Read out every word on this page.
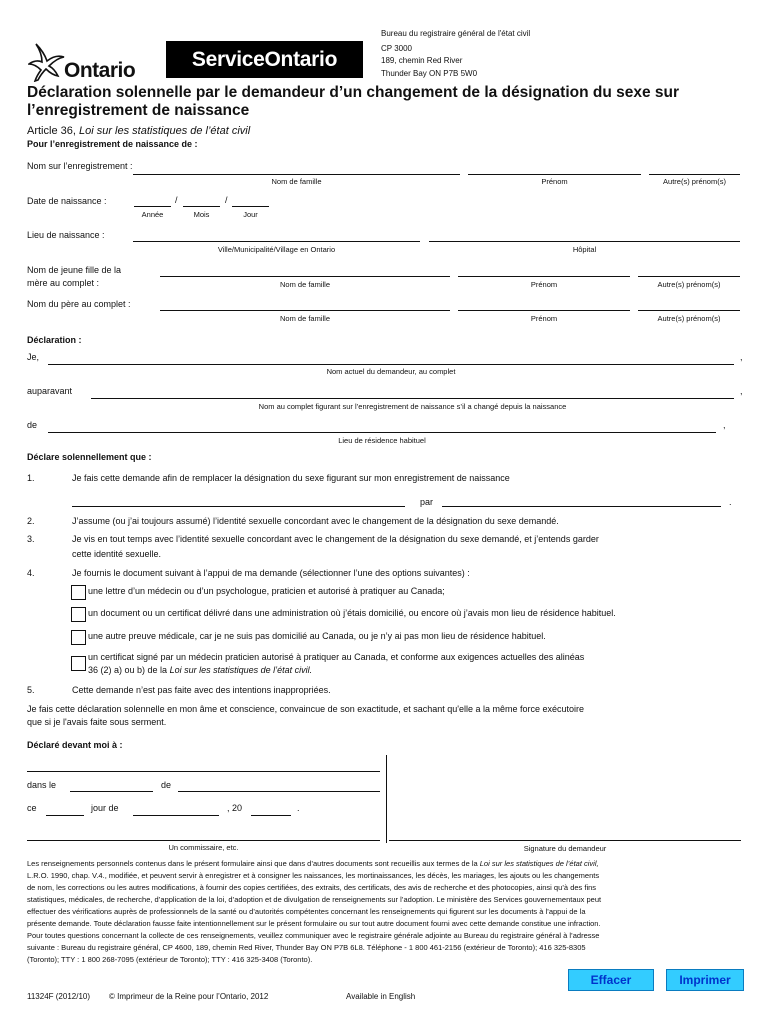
Ontario	ServiceOntario
Bureau du registraire général de l'état civil
CP 3000
189, chemin Red River
Thunder Bay ON P7B 5W0
Déclaration solennelle par le demandeur d’un changement de la désignation du sexe sur
l’enregistrement de naissance
Article 36, Loi sur les statistiques de l’état civil
Pour l’enregistrement de naissance de :
Nom sur l’enregistrement :
Nom de famille	Prénom	Autre(s) prénom(s)
Date de naissance :	/	/
Année	Mois	Jour
Lieu de naissance :
Ville/Municipalité/Village en Ontario	Hôpital
Nom de jeune fille de la
mère au complet :	Nom de famille	Prénom	Autre(s) prénom(s)
Nom du père au complet :
Nom de famille	Prénom	Autre(s) prénom(s)
Déclaration :
Je,	,
Nom actuel du demandeur, au complet
auparavant	,
Nom au complet figurant sur l’enregistrement de naissance s’il a changé depuis la naissance
de	,
Lieu de résidence habituel
Déclare solennellement que :
1.	Je fais cette demande afin de remplacer la désignation du sexe figurant sur mon enregistrement de naissance
par	.
2.	J’assume (ou j’ai toujours assumé) l’identité sexuelle concordant avec le changement de la désignation du sexe demandé.
3.	Je vis en tout temps avec l’identité sexuelle concordant avec le changement de la désignation du sexe demandé, et j’entends garder
cette identité sexuelle.
4.	Je fournis le document suivant à l’appui de ma demande (sélectionner l’une des options suivantes) :
une lettre d’un médecin ou d’un psychologue, praticien et autorisé à pratiquer au Canada;
un document ou un certificat délivré dans une administration où j’étais domicilié, ou encore où j’avais mon lieu de résidence habituel.
une autre preuve médicale, car je ne suis pas domicilié au Canada, ou je n’y ai pas mon lieu de résidence habituel.
un certificat signé par un médecin praticien autorisé à pratiquer au Canada, et conforme aux exigences actuelles des alinéas
36 (2) a) ou b) de la Loi sur les statistiques de l’état civil.
5.	Cette demande n’est pas faite avec des intentions inappropriées.
Je fais cette déclaration solennelle en mon âme et conscience, convaincue de son exactitude, et sachant qu'elle a la même force exécutoire
que si je l'avais faite sous serment.
Déclaré devant moi à :
dans le	de
ce	jour de	, 20	.
Un commissaire, etc.	Signature du demandeur
Les renseignements personnels contenus dans le présent formulaire ainsi que dans d’autres documents sont recueillis aux termes de la Loi sur les statistiques de l’état civil,
L.R.O. 1990, chap. V.4., modifiée, et peuvent servir à enregistrer et à consigner les naissances, les mortinaissances, les décès, les mariages, les ajouts ou les changements
de nom, les corrections ou les autres modifications, à fournir des copies certifiées, des extraits, des certificats, des avis de recherche et des photocopies, ainsi qu’à des fins
statistiques, médicales, de recherche, d’application de la loi, d’adoption et de divulgation de renseignements sur l’adoption. Le ministère des Services gouvernementaux peut
effectuer des vérifications auprès de professionnels de la santé ou d’autorités compétentes concernant les renseignements qui figurent sur les documents à l’appui de la
présente demande. Toute déclaration fausse faite intentionnellement sur le présent formulaire ou sur tout autre document fourni avec cette demande constitue une infraction.
Pour toutes questions concernant la collecte de ces renseignements, veuillez communiquer avec le registraire générale adjointe au Bureau du registraire général à l’adresse
suivante : Bureau du registraire général, CP 4600, 189, chemin Red River, Thunder Bay ON P7B 6L8. Téléphone - 1 800 461-2156 (extérieur de Toronto); 416 325-8305
(Toronto); TTY : 1 800 268-7095 (extérieur de Toronto); TTY : 416 325-3408 (Toronto).
Effacer	Imprimer
11324F (2012/10) © Imprimeur de la Reine pour l’Ontario, 2012	Available in English
